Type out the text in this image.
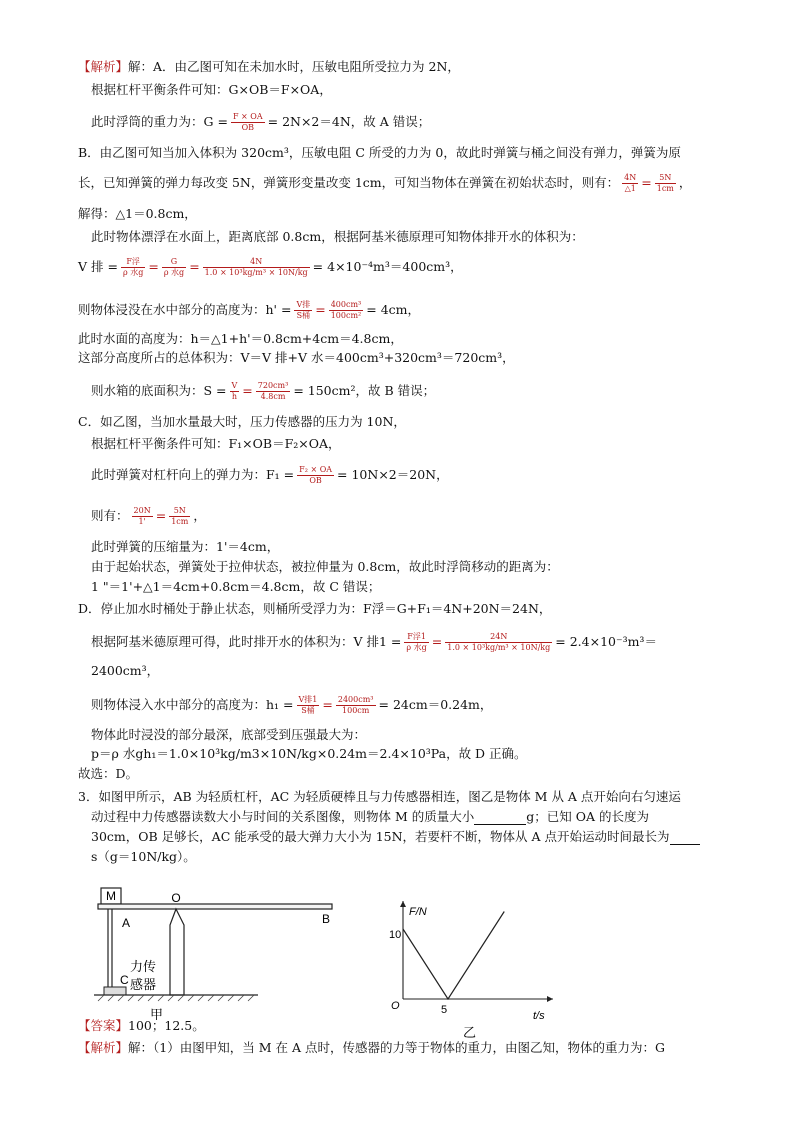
【解析】解：A．由乙图可知在未加水时，压敏电阻所受拉力为 2N，
根据杠杆平衡条件可知：G×OB＝F×OA，
此时浮筒的重力为：$G = \frac{F \times OA}{OB} = 2N\times 2=4N$，故 A 错误；
B．由乙图可知当加入体积为 320cm³，压敏电阻 C 所受的力为 0，故此时弹簧与桶之间没有弹力，弹簧为原
长，已知弹簧的弹力每改变 5N，弹簧形变量改变 1cm，可知当物体在弹簧在初始状态时，则有： $\frac{4N}{\triangle 1} = \frac{5N}{1cm}$ ，
解得：△1＝0.8cm，
此时物体漂浮在水面上，距离底部 0.8cm，根据阿基米德原理可知物体排开水的体积为：
V 排 = $\frac{\text{F浮}}{\text{ρ 水g}} = \frac{G}{\text{ρ 水g}} = \frac{4N}{\text{1.0 × 10³kg/m³ × 10N/kg}} = 4\times 10^{-4}m^3=400cm^3$，
则物体浸没在水中部分的高度为：$h' = \frac{\text{V排}}{\text{S桶}} = \frac{\text{400cm³}}{\text{100cm²}} = 4cm$，
此时水面的高度为：h＝△1+h'＝0.8cm+4cm＝4.8cm，
这部分高度所占的总体积为：V＝V 排+V 水＝400cm³+320cm³＝720cm³，
则水箱的底面积为：$S = \frac{V}{h} = \frac{\text{720cm³}}{4.8cm} = 150cm^2$，故 B 错误；
C．如乙图，当加水量最大时，压力传感器的压力为 10N，
根据杠杆平衡条件可知：F₁×OB＝F₂×OA，
此时弹簧对杠杆向上的弹力为：$F_1 = \frac{\text{F₂ × OA}}{OB} = 10N\times 2=20N$，
则有： $\frac{20N}{1'} = \frac{5N}{1cm}$ ，
此时弹簧的压缩量为：1'＝4cm，
由于起始状态，弹簧处于拉伸状态，被拉伸量为 0.8cm，故此时浮筒移动的距离为：
1 "＝1'+△1＝4cm+0.8cm＝4.8cm，故 C 错误；
D．停止加水时桶处于静止状态，则桶所受浮力为：F浮＝G+F₁＝4N+20N＝24N，
根据阿基米德原理可得，此时排开水的体积为：V 排$1 = \frac{\text{F浮1}}{\text{ρ 水g}} = \frac{24N}{\text{1.0 × 10³kg/m³ × 10N/kg}} = 2.4\times 10^{-3}m^3=$
2400cm³，
则物体浸入水中部分的高度为：$h_1 = \frac{\text{V排1}}{\text{S桶}} = \frac{\text{2400cm³}}{100cm} = 24cm=0.24m$，
物体此时浸没的部分最深，底部受到压强最大为：
p＝ρ 水gh₁＝1.0×10³kg/m3×10N/kg×0.24m＝2.4×10³Pa，故 D 正确。
故选：D。
3．如图甲所示，AB 为轻质杠杆，AC 为轻质硬棒且与力传感器相连，图乙是物体 M 从 A 点开始向右匀速运
动过程中力传感器读数大小与时间的关系图像，则物体 M 的质量大小	g；已知 OA 的长度为
30cm，OB 足够长，AC 能承受的最大弹力大小为 15N，若要杆不断，物体从 A 点开始运动时间最长为
s（g＝10N/kg）。
M	O
A	B
C
力传
感器
甲
F/N
t/s
O
10
5
乙
【答案】100；12.5。
【解析】解：（1）由图甲知，当 M 在 A 点时，传感器的力等于物体的重力，由图乙知，物体的重力为：G
